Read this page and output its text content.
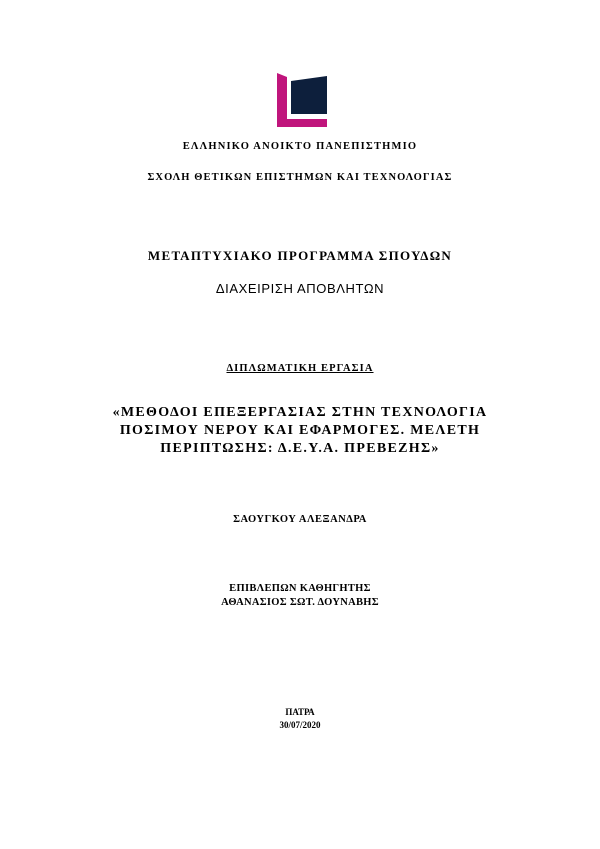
ΕΛΛΗΝΙΚΟ ΑΝΟΙΚΤΟ ΠΑΝΕΠΙΣΤΗΜΙΟ
ΣΧΟΛΗ ΘΕΤΙΚΩΝ ΕΠΙΣΤΗΜΩΝ ΚΑΙ ΤΕΧΝΟΛΟΓΙΑΣ
ΜΕΤΑΠΤΥΧΙΑΚΟ ΠΡΟΓΡΑΜΜΑ ΣΠΟΥΔΩΝ
ΔΙΑΧΕΙΡΙΣΗ ΑΠΟΒΛΗΤΩΝ
ΔΙΠΛΩΜΑΤΙΚΗ ΕΡΓΑΣΙΑ
«ΜΕΘΟΔΟΙ ΕΠΕΞΕΡΓΑΣΙΑΣ ΣΤΗΝ ΤΕΧΝΟΛΟΓΙΑ
ΠΟΣΙΜΟΥ ΝΕΡΟΥ ΚΑΙ ΕΦΑΡΜΟΓΕΣ. ΜΕΛΕΤΗ
ΠΕΡΙΠΤΩΣΗΣ: Δ.Ε.Υ.Α. ΠΡΕΒΕΖΗΣ»
ΣΑΟΥΓΚΟΥ ΑΛΕΞΑΝΔΡΑ
ΕΠΙΒΛΕΠΩΝ ΚΑΘΗΓΗΤΗΣ
ΑΘΑΝΑΣΙΟΣ ΣΩΤ. ΔΟΥΝΑΒΗΣ
ΠΑΤΡΑ
30/07/2020
